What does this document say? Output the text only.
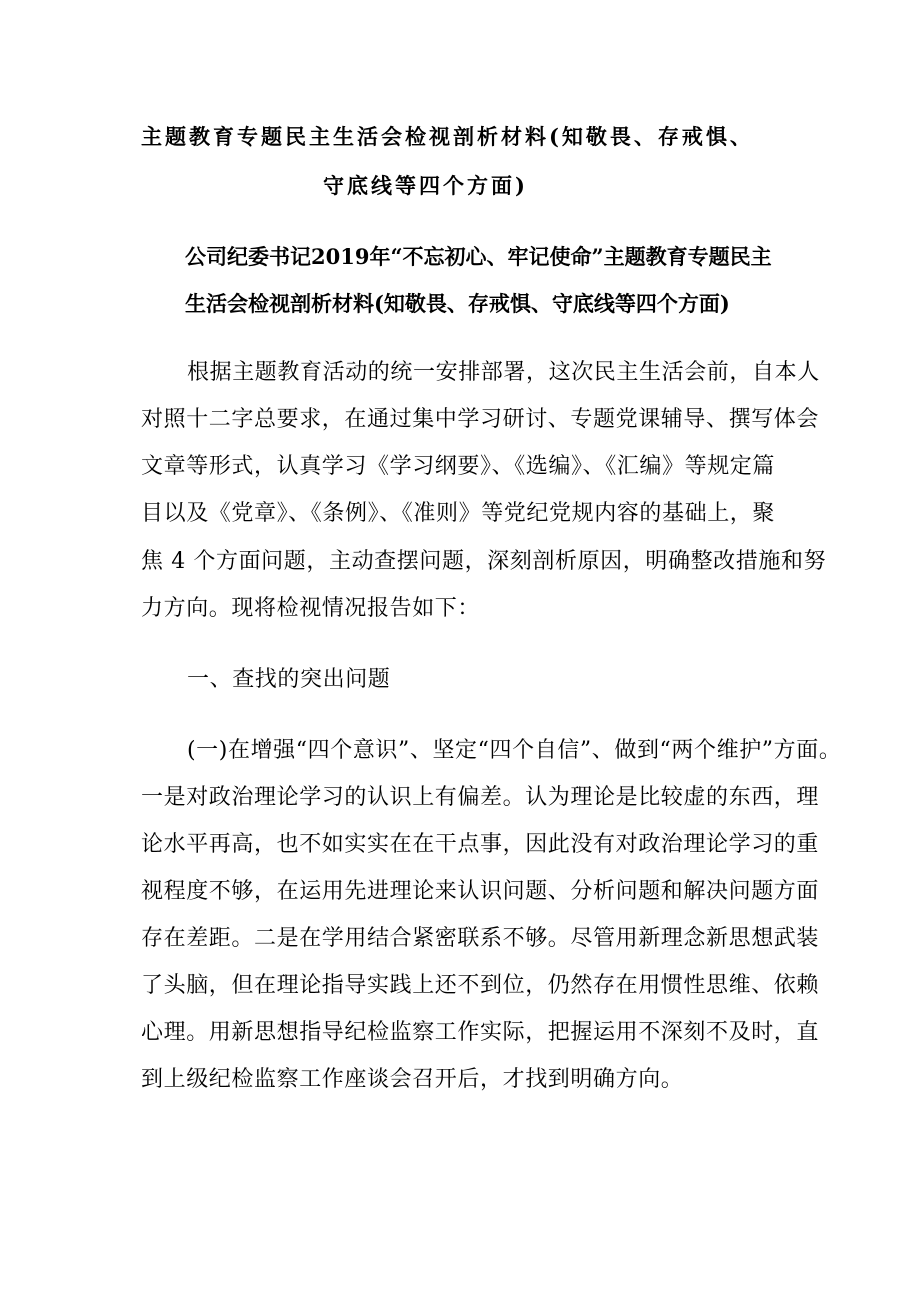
主题教育专题民主生活会检视剖析材料(知敬畏、存戒惧、
守底线等四个方面)
公司纪委书记2019年“不忘初心、牢记使命”主题教育专题民主
生活会检视剖析材料(知敬畏、存戒惧、守底线等四个方面)
根据主题教育活动的统一安排部署，这次民主生活会前，自本人
对照十二字总要求，在通过集中学习研讨、专题党课辅导、撰写体会
文章等形式，认真学习《学习纲要》、《选编》、《汇编》等规定篇
目以及《党章》、《条例》、《准则》等党纪党规内容的基础上，聚
焦 4 个方面问题，主动查摆问题，深刻剖析原因，明确整改措施和努
力方向。现将检视情况报告如下：
一、查找的突出问题
(一)在增强“四个意识”、坚定“四个自信”、做到“两个维护”方面。
一是对政治理论学习的认识上有偏差。认为理论是比较虚的东西，理
论水平再高，也不如实实在在干点事，因此没有对政治理论学习的重
视程度不够，在运用先进理论来认识问题、分析问题和解决问题方面
存在差距。二是在学用结合紧密联系不够。尽管用新理念新思想武装
了头脑，但在理论指导实践上还不到位，仍然存在用惯性思维、依赖
心理。用新思想指导纪检监察工作实际，把握运用不深刻不及时，直
到上级纪检监察工作座谈会召开后，才找到明确方向。
